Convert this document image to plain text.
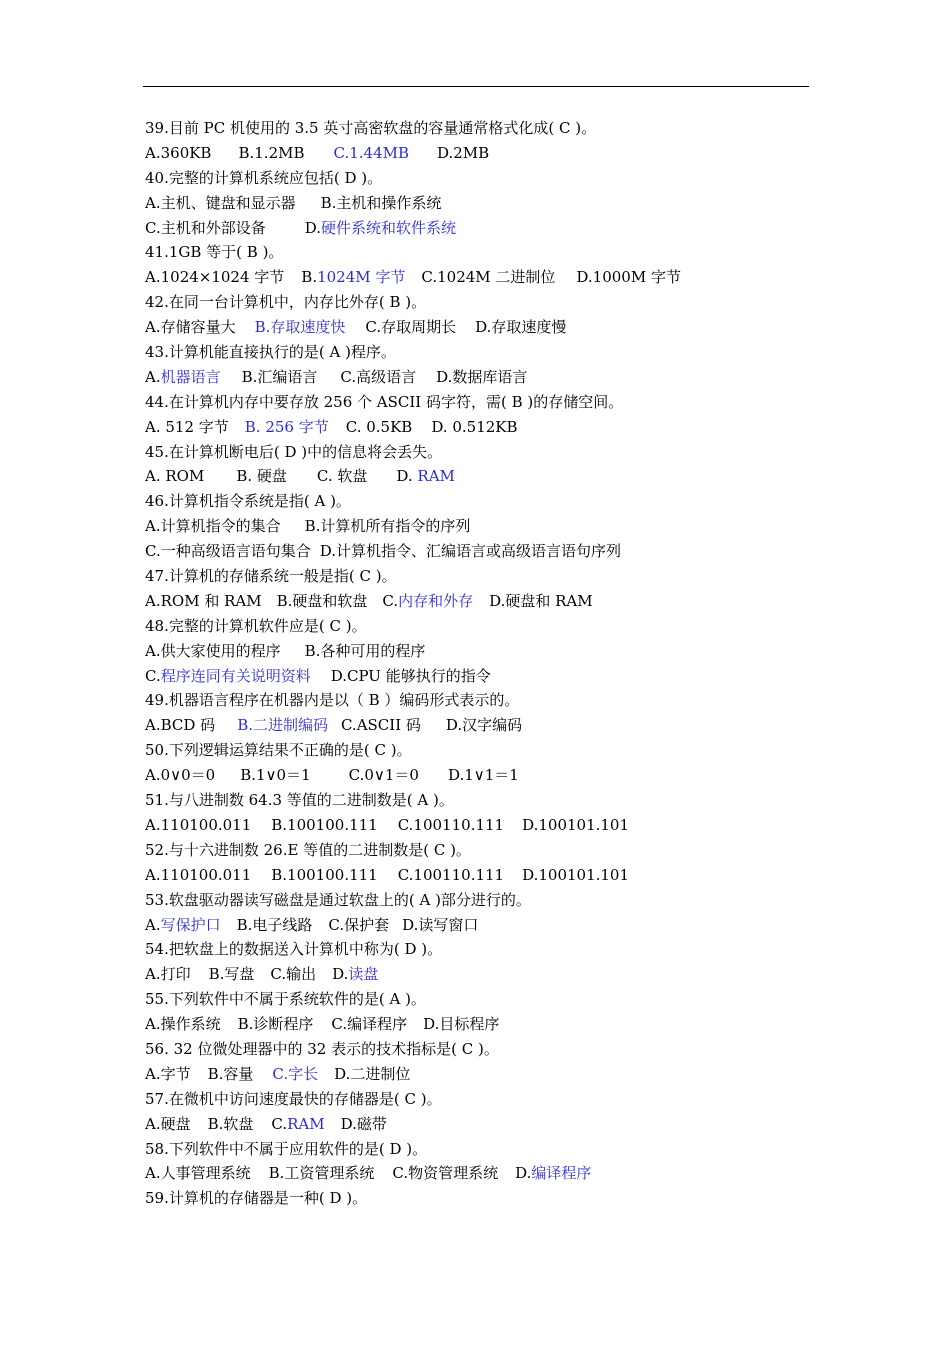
39.目前 PC 机使用的 3.5 英寸高密软盘的容量通常格式化成( C )。
A.360KB B.1.2MB C.1.44MB D.2MB
40.完整的计算机系统应包括( D )。
A.主机、键盘和显示器 B.主机和操作系统
C.主机和外部设备	D.硬件系统和软件系统
41.1GB 等于( B )。
A.1024×1024 字节 B.1024M 字节 C.1024M 二进制位 D.1000M 字节
42.在同一台计算机中，内存比外存( B )。
A.存储容量大 B.存取速度快 C.存取周期长 D.存取速度慢
43.计算机能直接执行的是( A )程序。
A.机器语言 B.汇编语言 C.高级语言 D.数据库语言
44.在计算机内存中要存放 256 个 ASCII 码字符，需( B )的存储空间。
A. 512 字节 B. 256 字节 C. 0.5KB D. 0.512KB
45.在计算机断电后( D )中的信息将会丢失。
A. ROM B. 硬盘 C. 软盘 D. RAM
46.计算机指令系统是指( A )。
A.计算机指令的集合 B.计算机所有指令的序列
C.一种高级语言语句集合 D.计算机指令、汇编语言或高级语言语句序列
47.计算机的存储系统一般是指( C )。
A.ROM 和 RAM B.硬盘和软盘 C.内存和外存 D.硬盘和 RAM
48.完整的计算机软件应是( C )。
A.供大家使用的程序 B.各种可用的程序
C.程序连同有关说明资料 D.CPU 能够执行的指令
49.机器语言程序在机器内是以（ B ）编码形式表示的。
A.BCD 码 B.二进制编码 C.ASCII 码 D.汉字编码
50.下列逻辑运算结果不正确的是( C )。
A.0∨0＝0 B.1∨0＝1	C.0∨1＝0 D.1∨1＝1
51.与八进制数 64.3 等值的二进制数是( A )。
A.110100.011 B.100100.111 C.100110.111 D.100101.101
52.与十六进制数 26.E 等值的二进制数是( C )。
A.110100.011 B.100100.111 C.100110.111 D.100101.101
53.软盘驱动器读写磁盘是通过软盘上的( A )部分进行的。
A.写保护口 B.电子线路 C.保护套 D.读写窗口
54.把软盘上的数据送入计算机中称为( D )。
A.打印 B.写盘 C.输出 D.读盘
55.下列软件中不属于系统软件的是( A )。
A.操作系统 B.诊断程序 C.编译程序 D.目标程序
56. 32 位微处理器中的 32 表示的技术指标是( C )。
A.字节 B.容量 C.字长 D.二进制位
57.在微机中访问速度最快的存储器是( C )。
A.硬盘 B.软盘 C.RAM D.磁带
58.下列软件中不属于应用软件的是( D )。
A.人事管理系统 B.工资管理系统 C.物资管理系统 D.编译程序
59.计算机的存储器是一种( D )。
